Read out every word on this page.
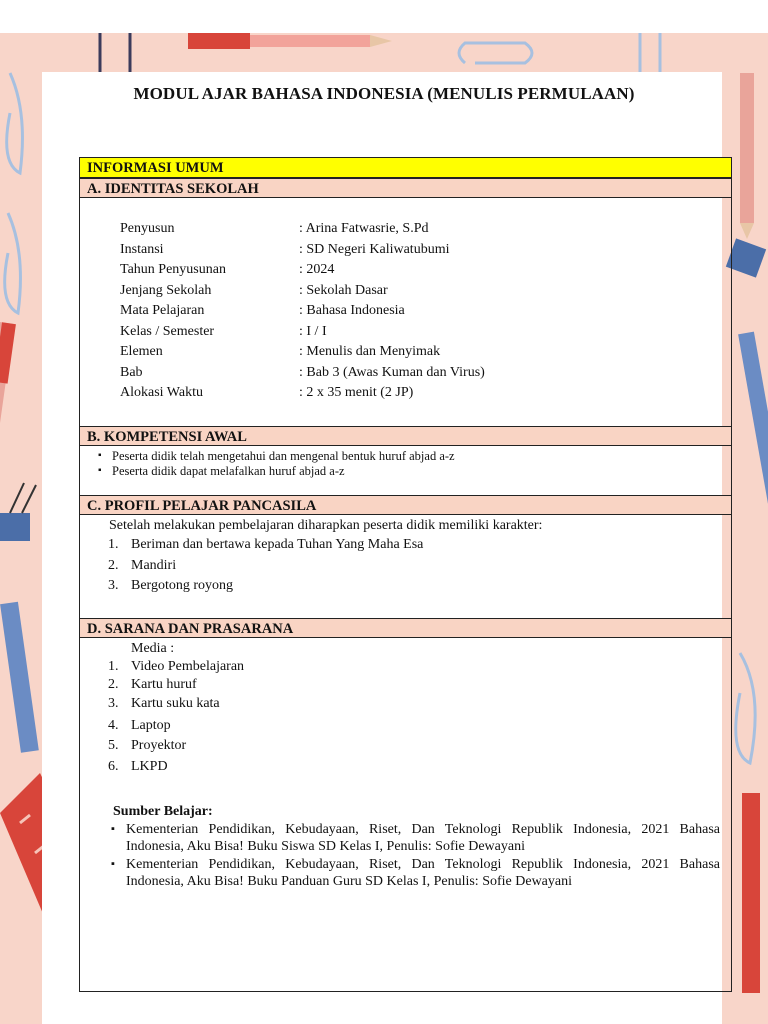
MODUL AJAR BAHASA INDONESIA (MENULIS PERMULAAN)
INFORMASI UMUM
A. IDENTITAS SEKOLAH
Penyusun	: Arina Fatwasrie, S.Pd
Instansi	: SD Negeri Kaliwatubumi
Tahun Penyusunan	: 2024
Jenjang Sekolah	: Sekolah Dasar
Mata Pelajaran	: Bahasa Indonesia
Kelas / Semester	: I / I
Elemen	: Menulis dan Menyimak
Bab	: Bab 3 (Awas Kuman dan Virus)
Alokasi Waktu	: 2 x 35 menit (2 JP)
B. KOMPETENSI AWAL
▪ Peserta didik telah mengetahui dan mengenal bentuk huruf abjad a-z
▪ Peserta didik dapat melafalkan huruf abjad a-z
C. PROFIL PELAJAR PANCASILA
Setelah melakukan pembelajaran diharapkan peserta didik memiliki karakter:
1. Beriman dan bertawa kepada Tuhan Yang Maha Esa
2. Mandiri
3. Bergotong royong
D. SARANA DAN PRASARANA
Media :
1. Video Pembelajaran
2. Kartu huruf
3. Kartu suku kata
4. Laptop
5. Proyektor
6. LKPD
Sumber Belajar:
▪ Kementerian Pendidikan, Kebudayaan, Riset, Dan Teknologi Republik Indonesia, 2021 Bahasa Indonesia, Aku Bisa! Buku Siswa SD Kelas I, Penulis: Sofie Dewayani
▪ Kementerian Pendidikan, Kebudayaan, Riset, Dan Teknologi Republik Indonesia, 2021 Bahasa Indonesia, Aku Bisa! Buku Panduan Guru SD Kelas I, Penulis: Sofie Dewayani
